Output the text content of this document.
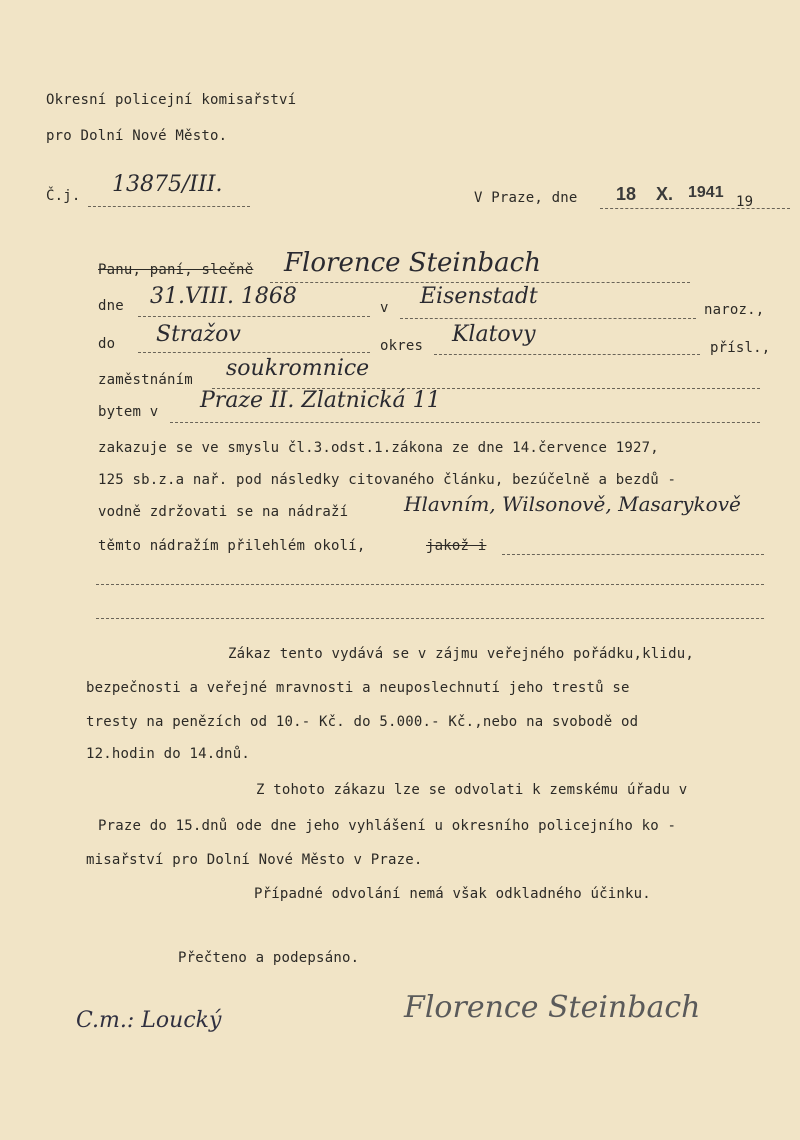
Okresní policejní komisařství
pro Dolní Nové Město.
Č.j. 13875/III.
V Praze, dne 18 X. 1941
19
Panu, paní, slečně Florence Steinbach
dne 31.VIII. 1868	v Eisenstadt
naroz.,
do Stražov	okres Klatovy
přísl.,
zaměstnáním soukromnice
bytem v Praze II. Zlatnická 11
zakazuje se ve smyslu čl.3.odst.1.zákona ze dne 14.července 1927,
125 sb.z.a nař. pod následky citovaného článku, bezúčelně a bezdů -
vodně zdržovati se na nádraží	Hlavním, Wilsonově, Masarykově
těmto nádražím přilehlém okolí,	jakož i
Zákaz tento vydává se v zájmu veřejného pořádku,klidu,
bezpečnosti a veřejné mravnosti a neuposlechnutí jeho trestů se
tresty na penězích od 10.- Kč. do 5.000.- Kč.,nebo na svobodě od
12.hodin do 14.dnů.
Z tohoto zákazu lze se odvolati k zemskému úřadu v
Praze do 15.dnů ode dne jeho vyhlášení u okresního policejního ko -
misařství pro Dolní Nové Město v Praze.
Případné odvolání nemá však odkladného účinku.
Přečteno a podepsáno.
C.m.: Loucký	Florence Steinbach
